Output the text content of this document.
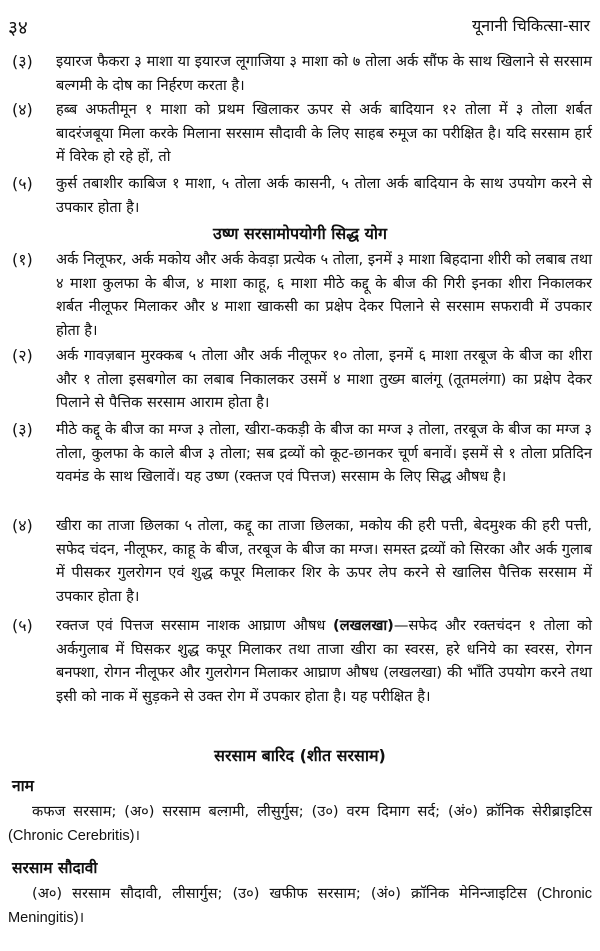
३४	यूनानी चिकित्सा-सार
(३) इयारज फैकरा ३ माशा या इयारज लूगाजिया ३ माशा को ७ तोला अर्क सौंफ के साथ खिलाने से सरसाम बल्गमी के दोष का निर्हरण करता है।
(४) हब्ब अफतीमून १ माशा को प्रथम खिलाकर ऊपर से अर्क बादियान १२ तोला में ३ तोला शर्बत बादरंजबूया मिला करके मिलाना सरसाम सौदावी के लिए साहब रुमूज का परीक्षित है। यदि सरसाम हार्र में विरेक हो रहे हों, तो
(५) कुर्स तबाशीर काबिज १ माशा, ५ तोला अर्क कासनी, ५ तोला अर्क बादियान के साथ उपयोग करने से उपकार होता है।
उष्ण सरसामोपयोगी सिद्ध योग
(१) अर्क निलूफर, अर्क मकोय और अर्क केवड़ा प्रत्येक ५ तोला, इनमें ३ माशा बिहदाना शीरी को लबाब तथा ४ माशा कुलफा के बीज, ४ माशा काहू, ६ माशा मीठे कद्दू के बीज की गिरी इनका शीरा निकालकर शर्बत नीलूफर मिलाकर और ४ माशा खाकसी का प्रक्षेप देकर पिलाने से सरसाम सफरावी में उपकार होता है।
(२) अर्क गावज़बान मुरक्कब ५ तोला और अर्क नीलूफर १० तोला, इनमें ६ माशा तरबूज के बीज का शीरा और १ तोला इसबगोल का लबाब निकालकर उसमें ४ माशा तुख्म बालंगू (तूतमलंगा) का प्रक्षेप देकर पिलाने से पैत्तिक सरसाम आराम होता है।
(३) मीठे कद्दू के बीज का मग्ज ३ तोला, खीरा-ककड़ी के बीज का मग्ज ३ तोला, तरबूज के बीज का मग्ज ३ तोला, कुलफा के काले बीज ३ तोला; सब द्रव्यों को कूट-छानकर चूर्ण बनावें। इसमें से १ तोला प्रतिदिन यवमंड के साथ खिलावें। यह उष्ण (रक्तज एवं पित्तज) सरसाम के लिए सिद्ध औषध है।
(४) खीरा का ताजा छिलका ५ तोला, कद्दू का ताजा छिलका, मकोय की हरी पत्ती, बेदमुश्क की हरी पत्ती, सफेद चंदन, नीलूफर, काहू के बीज, तरबूज के बीज का मग्ज। समस्त द्रव्यों को सिरका और अर्क गुलाब में पीसकर गुलरोगन एवं शुद्ध कपूर मिलाकर शिर के ऊपर लेप करने से खालिस पैत्तिक सरसाम में उपकार होता है।
(५) रक्तज एवं पित्तज सरसाम नाशक आघ्राण औषध (लखलखा)—सफेद और रक्तचंदन १ तोला को अर्कगुलाब में घिसकर शुद्ध कपूर मिलाकर तथा ताजा खीरा का स्वरस, हरे धनिये का स्वरस, रोगन बनफ्शा, रोगन नीलूफर और गुलरोगन मिलाकर आघ्राण औषध (लखलखा) की भाँति उपयोग करने तथा इसी को नाक में सुड़कने से उक्त रोग में उपकार होता है। यह परीक्षित है।
सरसाम बारिद (शीत सरसाम)
नाम
कफज सरसाम; (अ०) सरसाम बल्ग़मी, लीसुर्गुस; (उ०) वरम दिमाग सर्द; (अं०) क्रॉनिक सेरीब्राइटिस (Chronic Cerebritis)।
सरसाम सौदावी
(अ०) सरसाम सौदावी, लीसार्गुस; (उ०) खफीफ सरसाम; (अं०) क्रॉनिक मेनिन्जाइटिस (Chronic Meningitis)।
